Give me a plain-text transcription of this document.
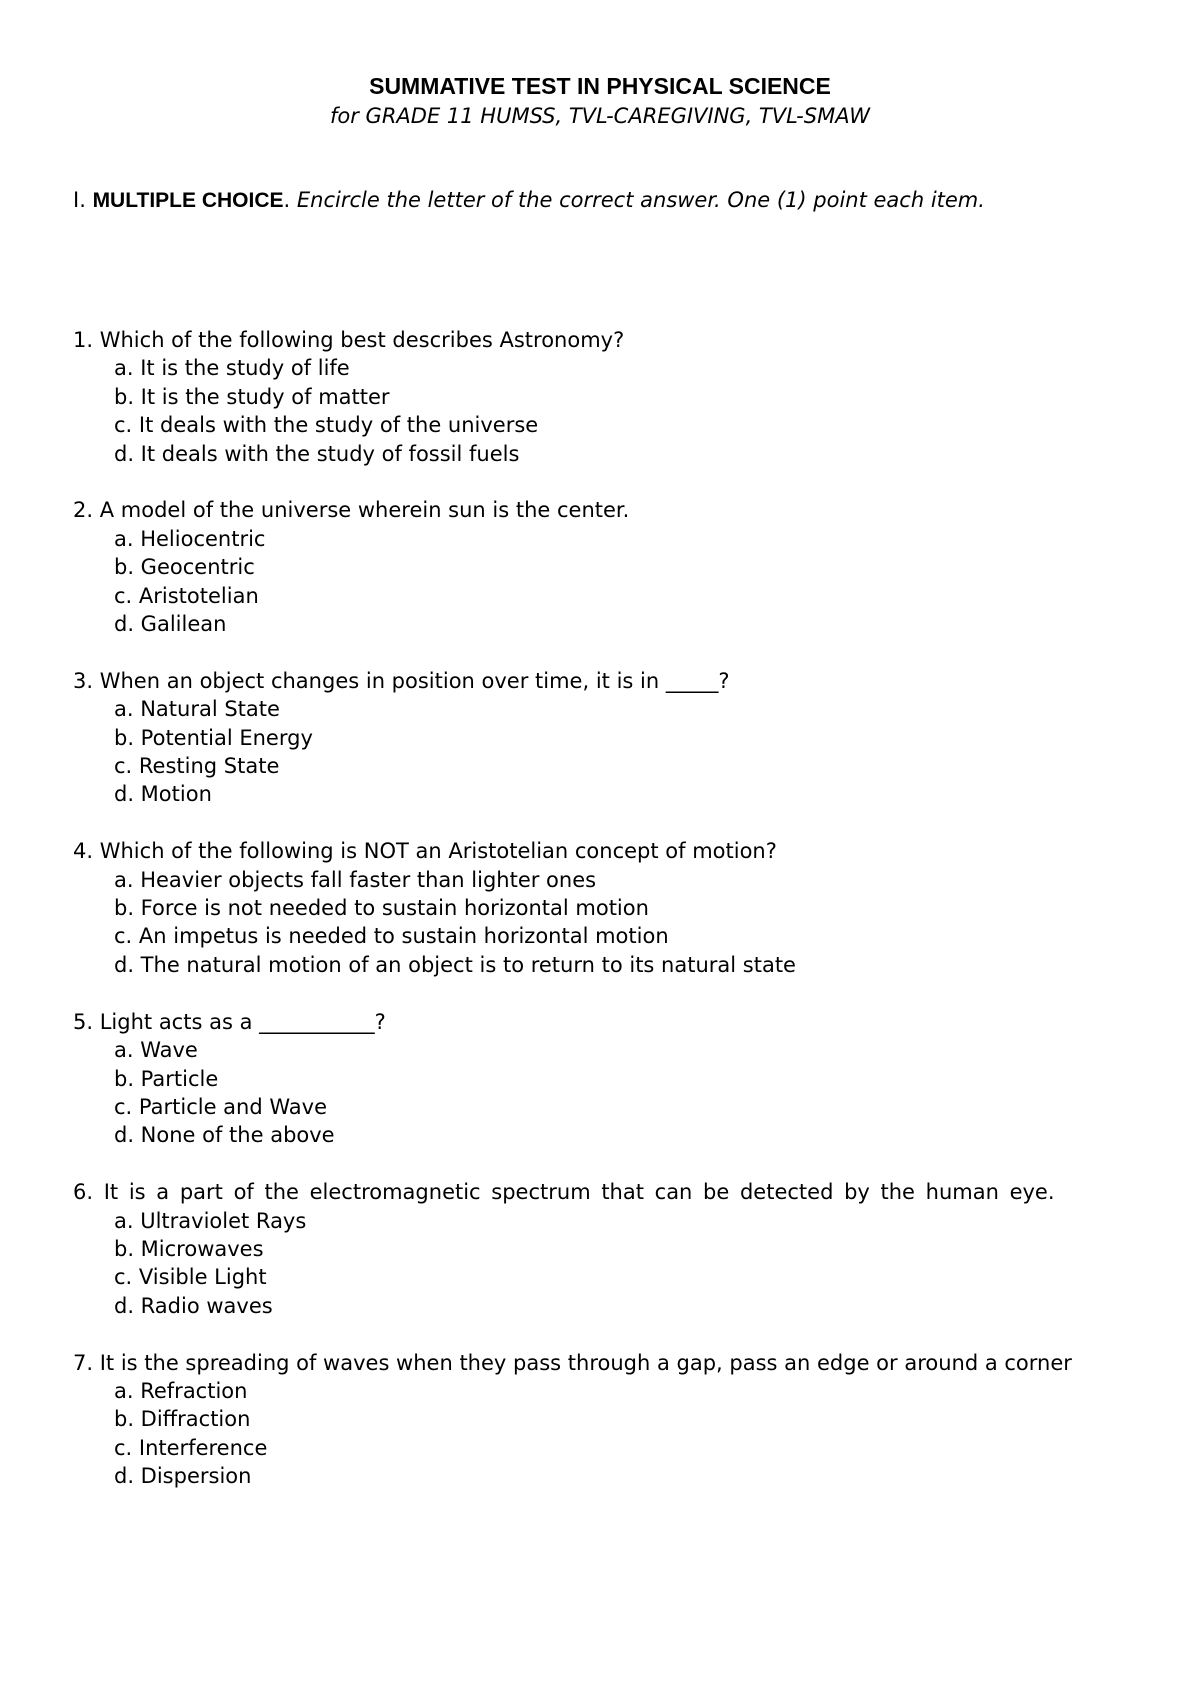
SUMMATIVE TEST IN PHYSICAL SCIENCE
for GRADE 11 HUMSS, TVL-CAREGIVING, TVL-SMAW
I. MULTIPLE CHOICE. Encircle the letter of the correct answer. One (1) point each item.
1. Which of the following best describes Astronomy?
a. It is the study of life
b. It is the study of matter
c. It deals with the study of the universe
d. It deals with the study of fossil fuels
2. A model of the universe wherein sun is the center.
a. Heliocentric
b. Geocentric
c. Aristotelian
d. Galilean
3. When an object changes in position over time, it is in _____?
a. Natural State
b. Potential Energy
c. Resting State
d. Motion
4. Which of the following is NOT an Aristotelian concept of motion?
a. Heavier objects fall faster than lighter ones
b. Force is not needed to sustain horizontal motion
c. An impetus is needed to sustain horizontal motion
d. The natural motion of an object is to return to its natural state
5. Light acts as a ___________?
a. Wave
b. Particle
c. Particle and Wave
d. None of the above
6. It is a part of the electromagnetic spectrum that can be detected by the human eye.
a. Ultraviolet Rays
b. Microwaves
c. Visible Light
d. Radio waves
7. It is the spreading of waves when they pass through a gap, pass an edge or around a corner
a. Refraction
b. Diffraction
c. Interference
d. Dispersion
